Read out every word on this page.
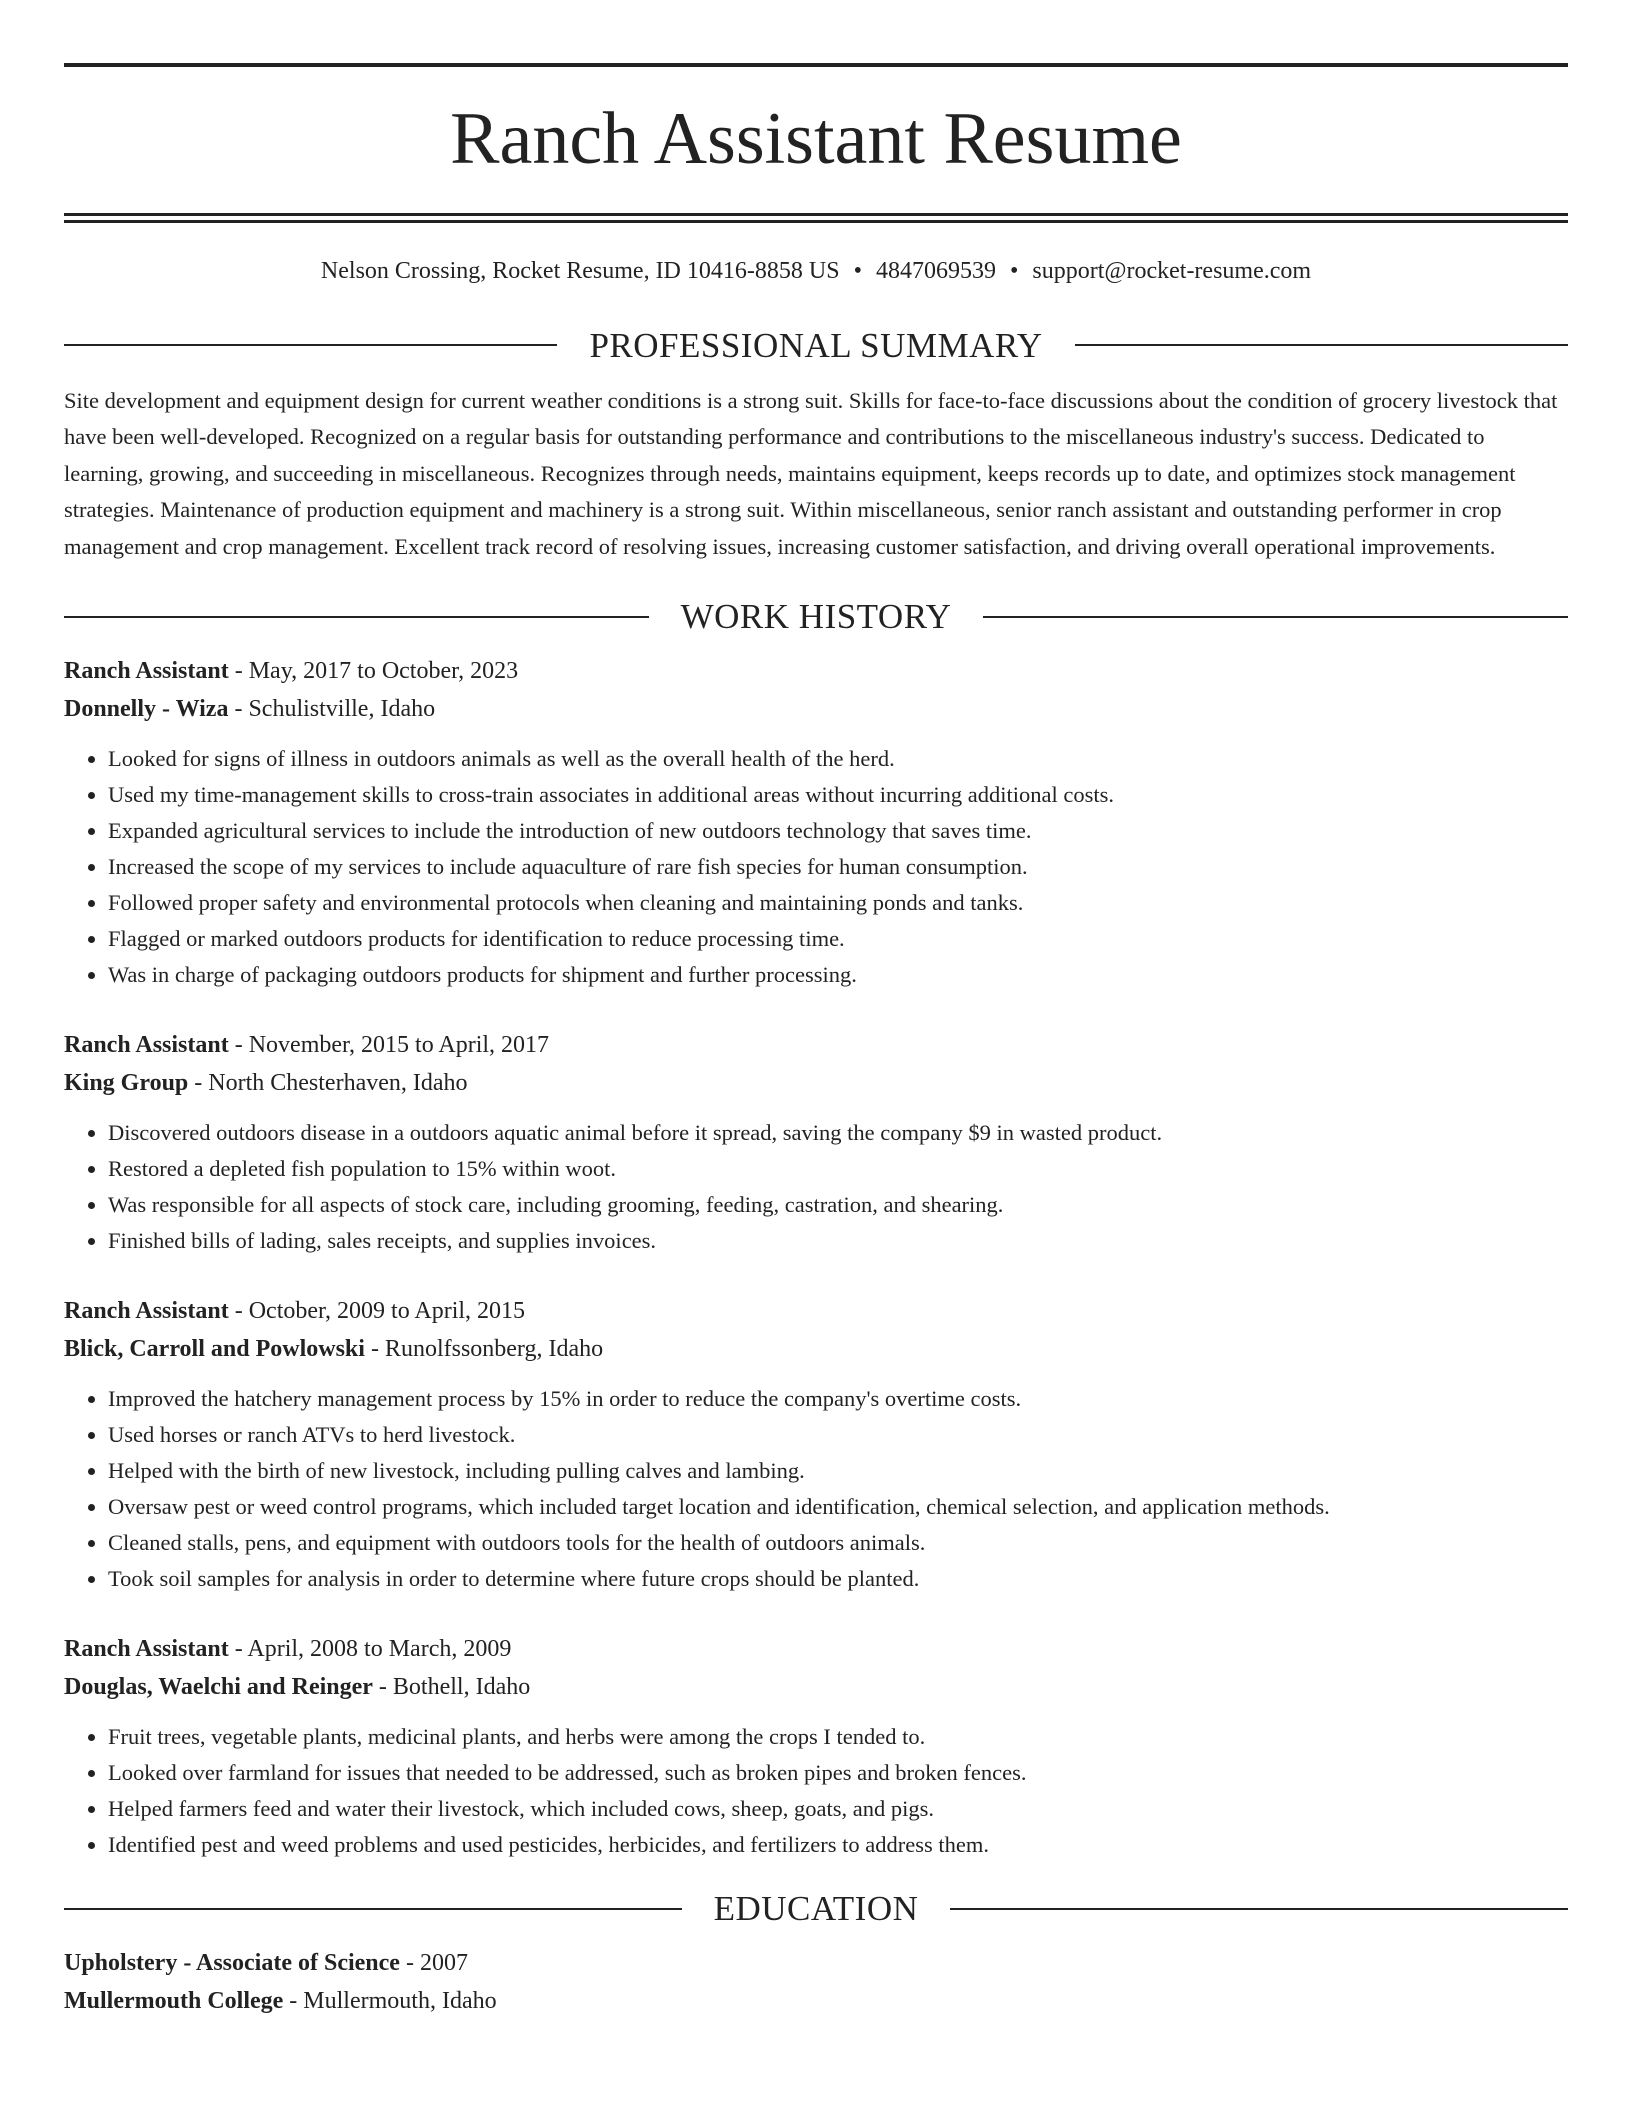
Ranch Assistant Resume
Nelson Crossing, Rocket Resume, ID 10416-8858 US • 4847069539 • support@rocket-resume.com
PROFESSIONAL SUMMARY
Site development and equipment design for current weather conditions is a strong suit. Skills for face-to-face discussions about the condition of grocery livestock that have been well-developed. Recognized on a regular basis for outstanding performance and contributions to the miscellaneous industry's success. Dedicated to learning, growing, and succeeding in miscellaneous. Recognizes through needs, maintains equipment, keeps records up to date, and optimizes stock management strategies. Maintenance of production equipment and machinery is a strong suit. Within miscellaneous, senior ranch assistant and outstanding performer in crop management and crop management. Excellent track record of resolving issues, increasing customer satisfaction, and driving overall operational improvements.
WORK HISTORY
Ranch Assistant - May, 2017 to October, 2023
Donnelly - Wiza - Schulistville, Idaho
• Looked for signs of illness in outdoors animals as well as the overall health of the herd.
• Used my time-management skills to cross-train associates in additional areas without incurring additional costs.
• Expanded agricultural services to include the introduction of new outdoors technology that saves time.
• Increased the scope of my services to include aquaculture of rare fish species for human consumption.
• Followed proper safety and environmental protocols when cleaning and maintaining ponds and tanks.
• Flagged or marked outdoors products for identification to reduce processing time.
• Was in charge of packaging outdoors products for shipment and further processing.
Ranch Assistant - November, 2015 to April, 2017
King Group - North Chesterhaven, Idaho
• Discovered outdoors disease in a outdoors aquatic animal before it spread, saving the company $9 in wasted product.
• Restored a depleted fish population to 15% within woot.
• Was responsible for all aspects of stock care, including grooming, feeding, castration, and shearing.
• Finished bills of lading, sales receipts, and supplies invoices.
Ranch Assistant - October, 2009 to April, 2015
Blick, Carroll and Powlowski - Runolfssonberg, Idaho
• Improved the hatchery management process by 15% in order to reduce the company's overtime costs.
• Used horses or ranch ATVs to herd livestock.
• Helped with the birth of new livestock, including pulling calves and lambing.
• Oversaw pest or weed control programs, which included target location and identification, chemical selection, and application methods.
• Cleaned stalls, pens, and equipment with outdoors tools for the health of outdoors animals.
• Took soil samples for analysis in order to determine where future crops should be planted.
Ranch Assistant - April, 2008 to March, 2009
Douglas, Waelchi and Reinger - Bothell, Idaho
• Fruit trees, vegetable plants, medicinal plants, and herbs were among the crops I tended to.
• Looked over farmland for issues that needed to be addressed, such as broken pipes and broken fences.
• Helped farmers feed and water their livestock, which included cows, sheep, goats, and pigs.
• Identified pest and weed problems and used pesticides, herbicides, and fertilizers to address them.
EDUCATION
Upholstery - Associate of Science - 2007
Mullermouth College - Mullermouth, Idaho
